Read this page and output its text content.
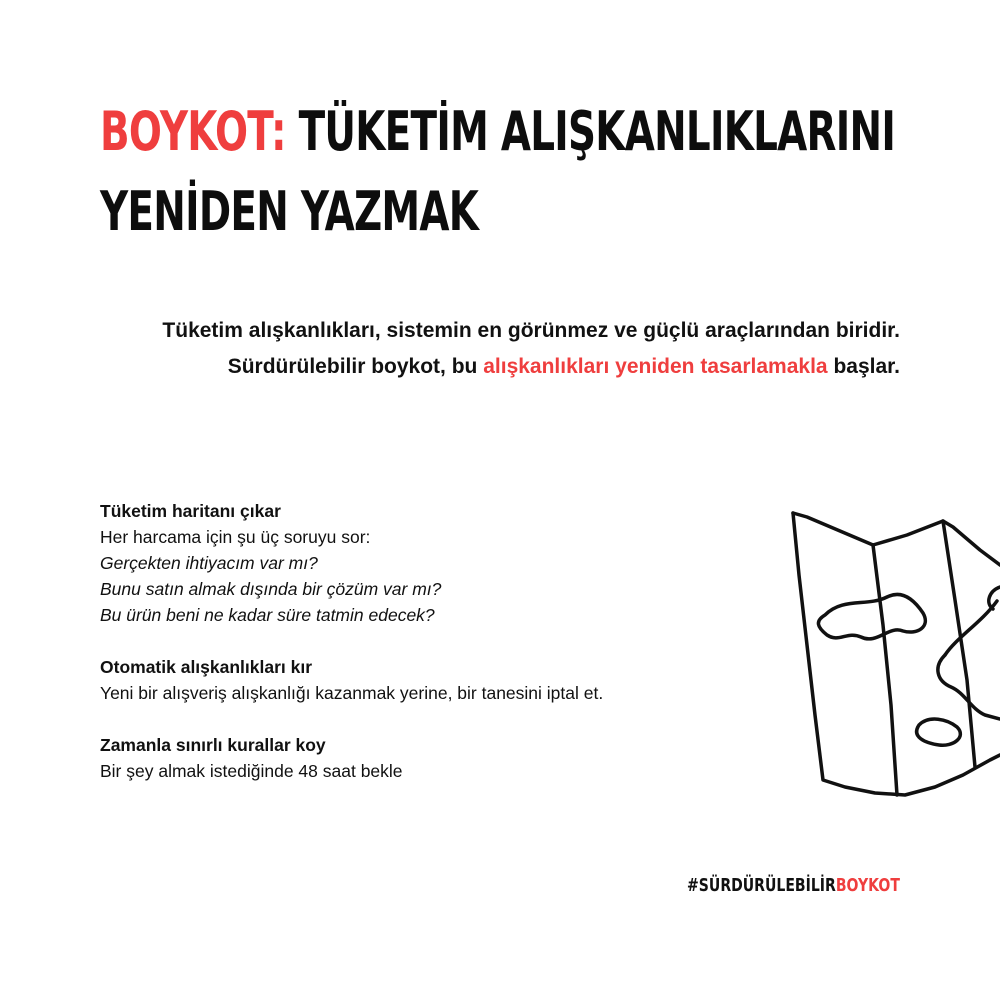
BOYKOT: TÜKETİM ALIŞKANLIKLARINI
YENİDEN YAZMAK

Tüketim alışkanlıkları, sistemin en görünmez ve güçlü araçlarından biridir. Sürdürülebilir boykot, bu alışkanlıkları yeniden tasarlamakla başlar.

Tüketim haritanı çıkar
Her harcama için şu üç soruyu sor:
Gerçekten ihtiyacım var mı?
Bunu satın almak dışında bir çözüm var mı?
Bu ürün beni ne kadar süre tatmin edecek?
Otomatik alışkanlıkları kır
Yeni bir alışveriş alışkanlığı kazanmak yerine, bir tanesini iptal et.
Zamanla sınırlı kurallar koy
Bir şey almak istediğinde 48 saat bekle
#SÜRDÜRÜLEBİLİRBOYKOT
